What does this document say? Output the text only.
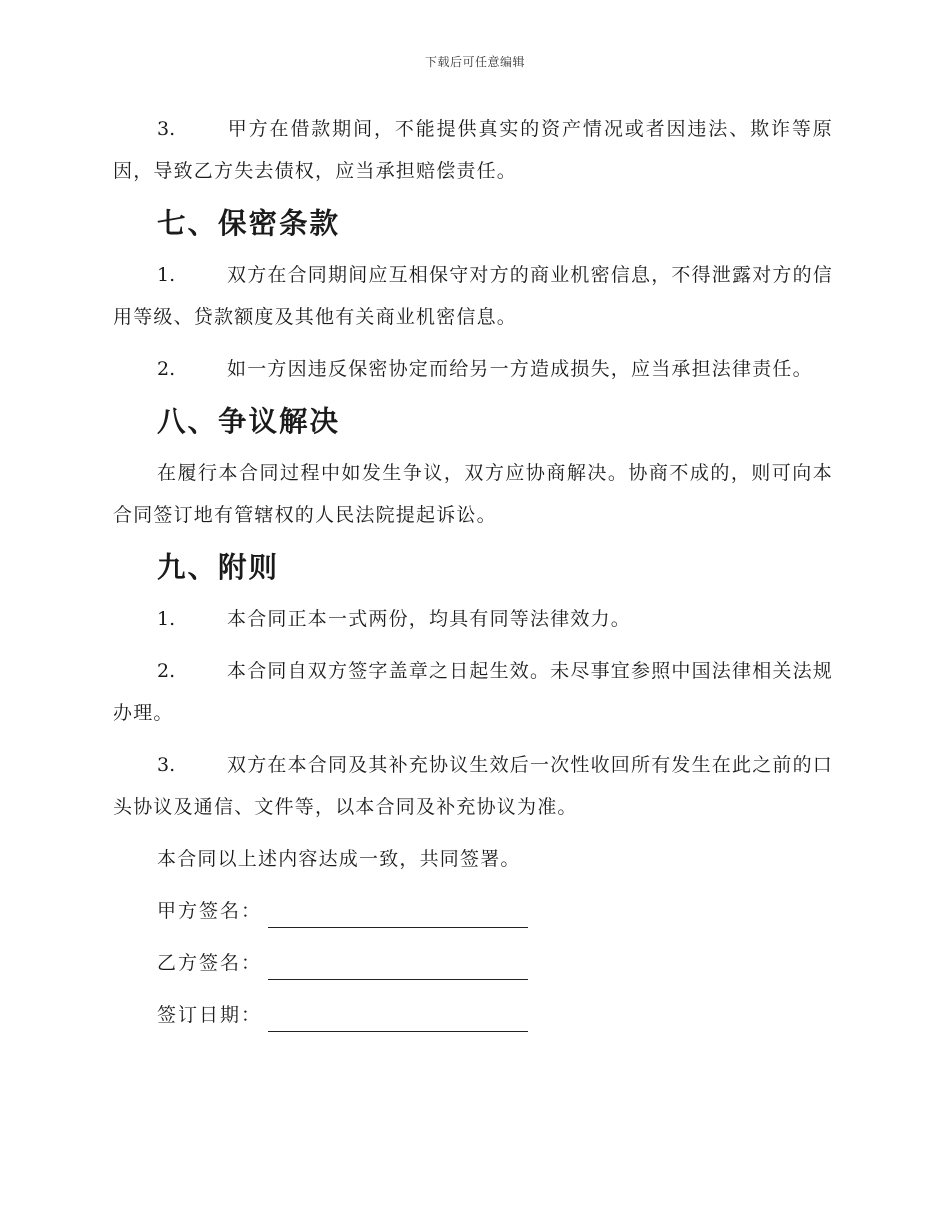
下载后可任意编辑

3.	甲方在借款期间，不能提供真实的资产情况或者因违法、欺诈等原因，导致乙方失去债权，应当承担赔偿责任。

七、保密条款

1.	双方在合同期间应互相保守对方的商业机密信息，不得泄露对方的信用等级、贷款额度及其他有关商业机密信息。

2.	如一方因违反保密协定而给另一方造成损失，应当承担法律责任。

八、争议解决

在履行本合同过程中如发生争议，双方应协商解决。协商不成的，则可向本合同签订地有管辖权的人民法院提起诉讼。

九、附则

1.	本合同正本一式两份，均具有同等法律效力。

2.	本合同自双方签字盖章之日起生效。未尽事宜参照中国法律相关法规办理。

3.	双方在本合同及其补充协议生效后一次性收回所有发生在此之前的口头协议及通信、文件等，以本合同及补充协议为准。

本合同以上述内容达成一致，共同签署。

甲方签名：
乙方签名：
签订日期：
